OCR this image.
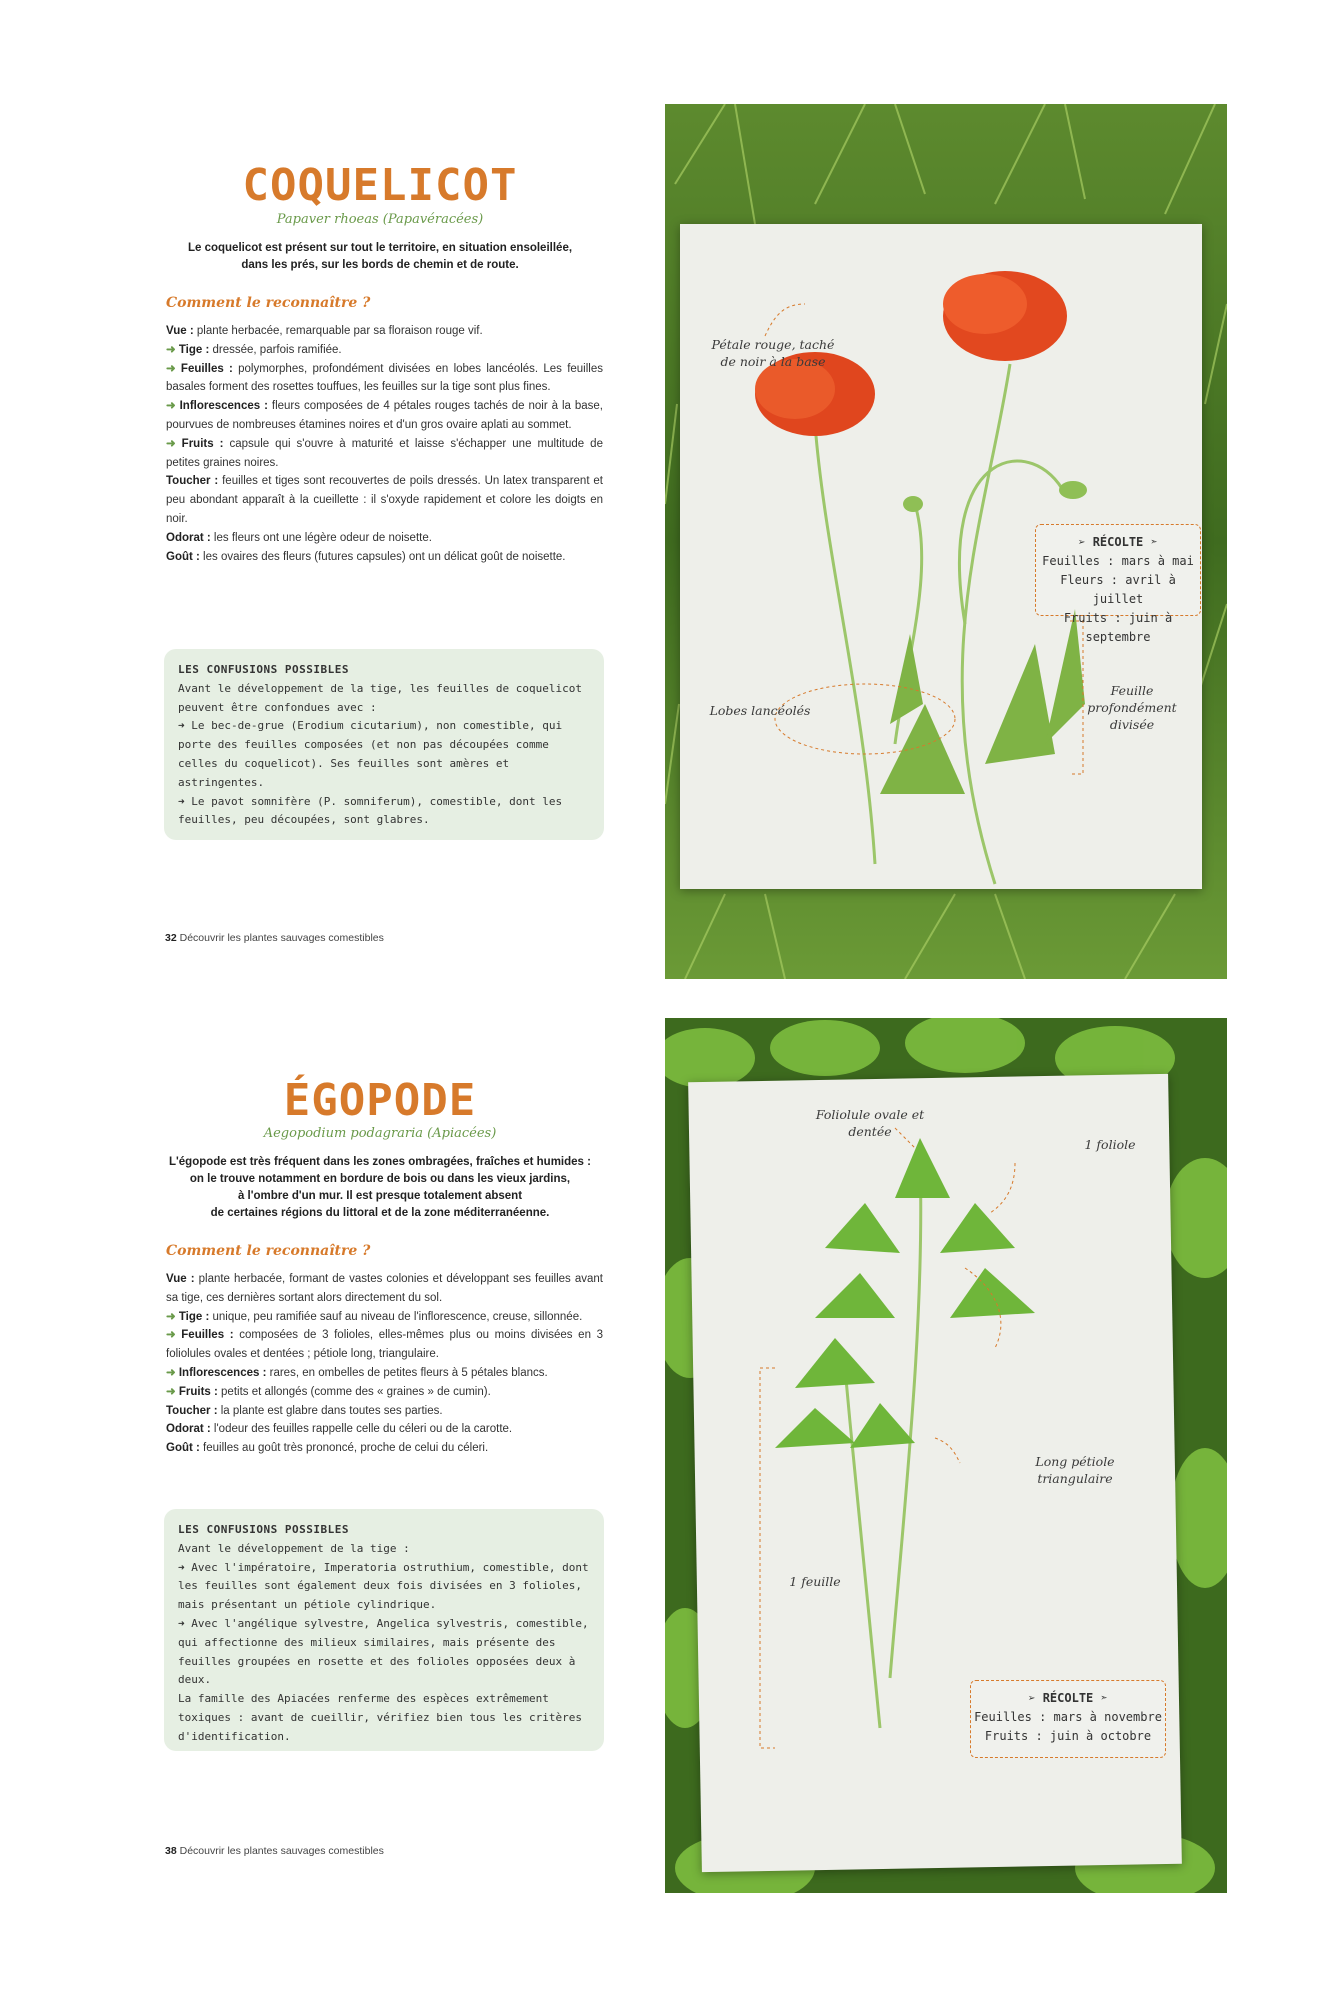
COQUELICOT
Papaver rhoeas (Papavéracées)
Le coquelicot est présent sur tout le territoire, en situation ensoleillée,
dans les prés, sur les bords de chemin et de route.
Comment le reconnaître ?

Vue : plante herbacée, remarquable par sa floraison rouge vif.

➜ Tige : dressée, parfois ramifiée.

➜ Feuilles : polymorphes, profondément divisées en lobes lancéolés. Les feuilles basales forment des rosettes touffues, les feuilles sur la tige sont plus fines.

➜ Inflorescences : fleurs composées de 4 pétales rouges tachés de noir à la base, pourvues de nombreuses étamines noires et d'un gros ovaire aplati au sommet.

➜ Fruits : capsule qui s'ouvre à maturité et laisse s'échapper une multitude de petites graines noires.

Toucher : feuilles et tiges sont recouvertes de poils dressés. Un latex transparent et peu abondant apparaît à la cueillette : il s'oxyde rapidement et colore les doigts en noir.

Odorat : les fleurs ont une légère odeur de noisette.

Goût : les ovaires des fleurs (futures capsules) ont un délicat goût de noisette.

LES CONFUSIONS POSSIBLES

Avant le développement de la tige, les feuilles de coquelicot peuvent être confondues avec :

➜ Le bec-de-grue (Erodium cicutarium), non comestible, qui porte des feuilles composées (et non pas découpées comme celles du coquelicot). Ses feuilles sont amères et astringentes.

➜ Le pavot somnifère (P. somniferum), comestible, dont les feuilles, peu découpées, sont glabres.

32 Découvrir les plantes sauvages comestibles
Pétale rouge, taché de noir à la base
Lobes lancéolés
Feuille profondément divisée
➢ RÉCOLTE ➣
Feuilles : mars à mai
Fleurs : avril à juillet
Fruits : juin à septembre
ÉGOPODE
Aegopodium podagraria (Apiacées)
L'égopode est très fréquent dans les zones ombragées, fraîches et humides :
on le trouve notamment en bordure de bois ou dans les vieux jardins,
à l'ombre d'un mur. Il est presque totalement absent
de certaines régions du littoral et de la zone méditerranéenne.
Comment le reconnaître ?

Vue : plante herbacée, formant de vastes colonies et développant ses feuilles avant sa tige, ces dernières sortant alors directement du sol.

➜ Tige : unique, peu ramifiée sauf au niveau de l'inflorescence, creuse, sillonnée.

➜ Feuilles : composées de 3 folioles, elles-mêmes plus ou moins divisées en 3 foliolules ovales et dentées ; pétiole long, triangulaire.

➜ Inflorescences : rares, en ombelles de petites fleurs à 5 pétales blancs.

➜ Fruits : petits et allongés (comme des « graines » de cumin).

Toucher : la plante est glabre dans toutes ses parties.

Odorat : l'odeur des feuilles rappelle celle du céleri ou de la carotte.

Goût : feuilles au goût très prononcé, proche de celui du céleri.

LES CONFUSIONS POSSIBLES

Avant le développement de la tige :

➜ Avec l'impératoire, Imperatoria ostruthium, comestible, dont les feuilles sont également deux fois divisées en 3 folioles, mais présentant un pétiole cylindrique.

➜ Avec l'angélique sylvestre, Angelica sylvestris, comestible, qui affectionne des milieux similaires, mais présente des feuilles groupées en rosette et des folioles opposées deux à deux.

La famille des Apiacées renferme des espèces extrêmement toxiques : avant de cueillir, vérifiez bien tous les critères d'identification.

38 Découvrir les plantes sauvages comestibles
Foliolule ovale et dentée
1 foliole
Long pétiole triangulaire
1 feuille
➢ RÉCOLTE ➣
Feuilles : mars à novembre
Fruits : juin à octobre
